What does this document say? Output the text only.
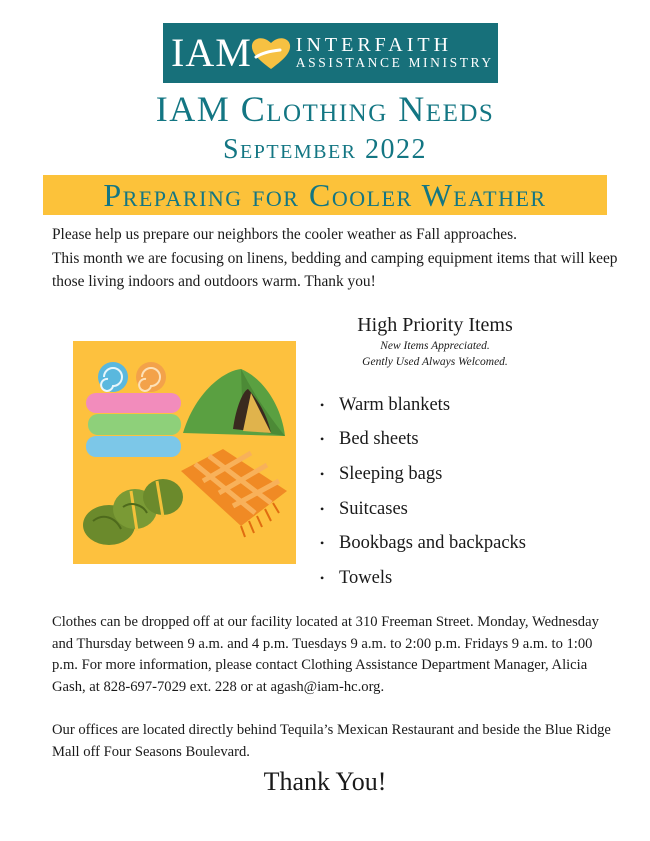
IAM INTERFAITH
ASSISTANCE MINISTRY
IAM Clothing Needs
September 2022
Preparing for Cooler Weather

Please help us prepare our neighbors the cooler weather as Fall approaches.

This month we are focusing on linens, bedding and camping equipment items that will keep those living indoors and outdoors warm. Thank you!

High Priority Items
New Items Appreciated.
Gently Used Always Welcomed.
• Warm blankets
• Bed sheets
• Sleeping bags
• Suitcases
• Bookbags and backpacks
• Towels

Clothes can be dropped off at our facility located at 310 Freeman Street. Monday, Wednesday and Thursday between 9 a.m. and 4 p.m. Tuesdays 9 a.m. to 2:00 p.m. Fridays 9 a.m. to 1:00 p.m. For more information, please contact Clothing Assistance Department Manager, Alicia Gash, at 828-697-7029 ext. 228 or at agash@iam-hc.org.

Our offices are located directly behind Tequila’s Mexican Restaurant and beside the Blue Ridge Mall off Four Seasons Boulevard.

Thank You!
